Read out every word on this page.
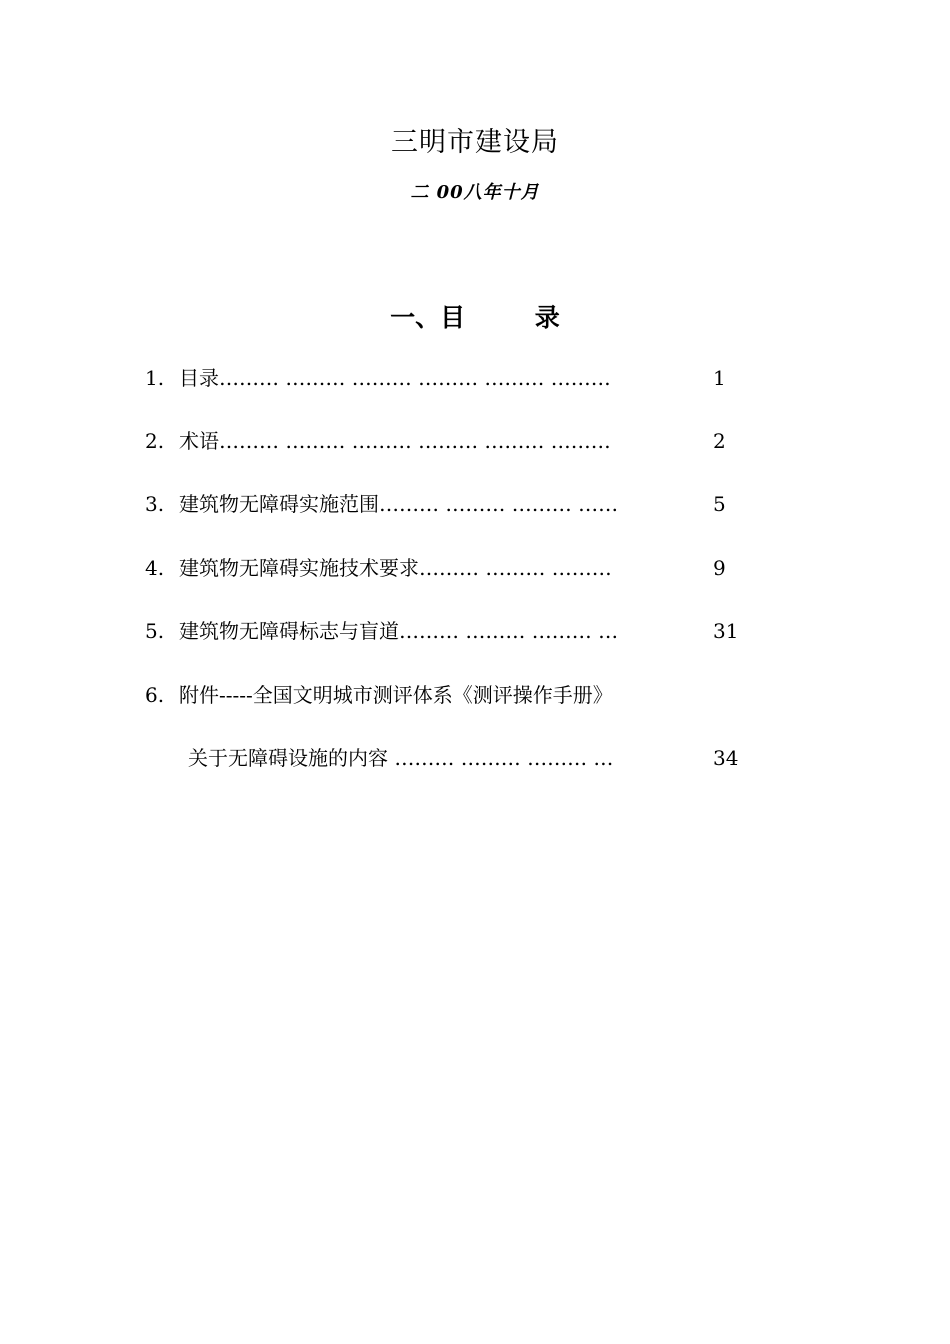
三明市建设局
二 00八年十月
一、目        录
1. 目录……… ……… ……… ……… ……… ………	1
2. 术语……… ……… ……… ……… ……… ………	2
3. 建筑物无障碍实施范围……… ……… ……… ……	5
4. 建筑物无障碍实施技术要求……… ……… ………	9
5. 建筑物无障碍标志与盲道……… ……… ……… …	31
6. 附件-----全国文明城市测评体系《测评操作手册》
关于无障碍设施的内容 ……… ……… ……… …	34
